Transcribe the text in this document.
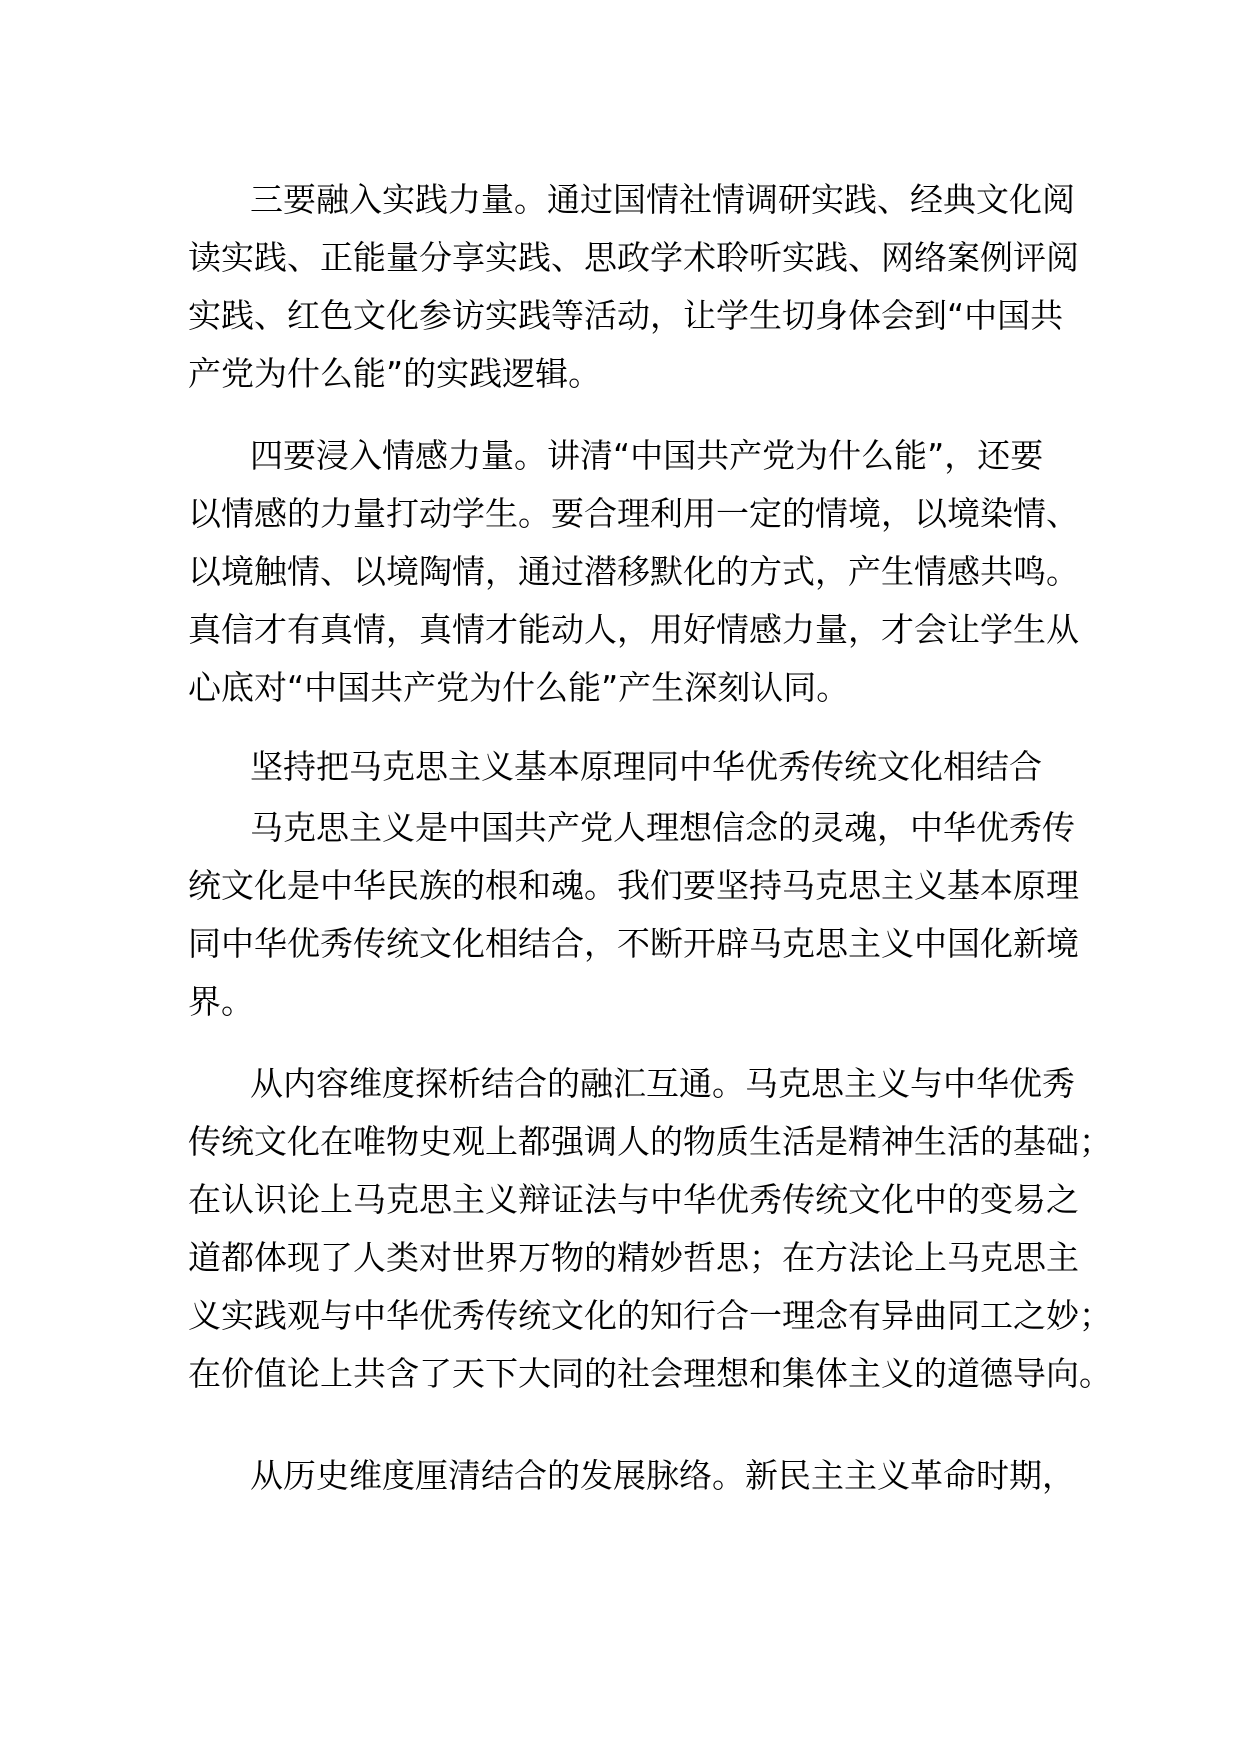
三要融入实践力量。通过国情社情调研实践、经典文化阅

读实践、正能量分享实践、思政学术聆听实践、网络案例评阅

实践、红色文化参访实践等活动，让学生切身体会到“中国共

产党为什么能”的实践逻辑。

四要浸入情感力量。讲清“中国共产党为什么能”，还要

以情感的力量打动学生。要合理利用一定的情境，以境染情、

以境触情、以境陶情，通过潜移默化的方式，产生情感共鸣。

真信才有真情，真情才能动人，用好情感力量，才会让学生从

心底对“中国共产党为什么能”产生深刻认同。

坚持把马克思主义基本原理同中华优秀传统文化相结合

马克思主义是中国共产党人理想信念的灵魂，中华优秀传

统文化是中华民族的根和魂。我们要坚持马克思主义基本原理

同中华优秀传统文化相结合，不断开辟马克思主义中国化新境

界。

从内容维度探析结合的融汇互通。马克思主义与中华优秀

传统文化在唯物史观上都强调人的物质生活是精神生活的基础；

在认识论上马克思主义辩证法与中华优秀传统文化中的变易之

道都体现了人类对世界万物的精妙哲思；在方法论上马克思主

义实践观与中华优秀传统文化的知行合一理念有异曲同工之妙；

在价值论上共含了天下大同的社会理想和集体主义的道德导向。

从历史维度厘清结合的发展脉络。新民主主义革命时期，
